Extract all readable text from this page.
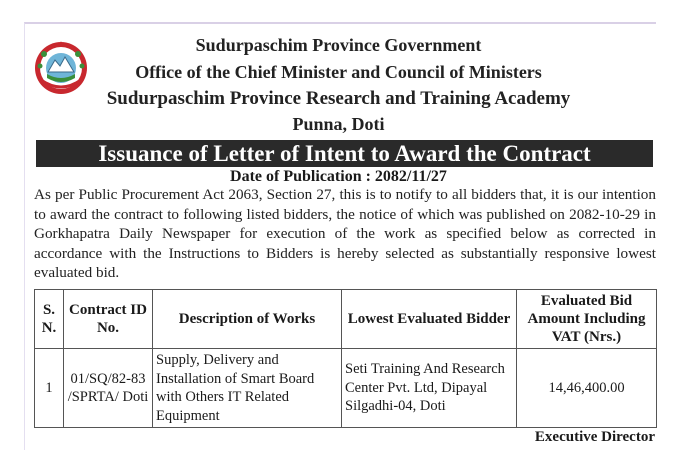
Sudurpaschim Province Government
Office of the Chief Minister and Council of Ministers
Sudurpaschim Province Research and Training Academy
Punna, Doti
Issuance of Letter of Intent to Award the Contract
Date of Publication : 2082/11/27
As per Public Procurement Act 2063, Section 27, this is to notify to all bidders that, it is our intention to award the contract to following listed bidders, the notice of which was published on 2082-10-29 in Gorkhapatra Daily Newspaper for execution of the work as specified below as corrected in accordance with the Instructions to Bidders is hereby selected as substantially responsive lowest evaluated bid.
S. N.	Contract ID No.	Description of Works	Lowest Evaluated Bidder	Evaluated Bid Amount Including VAT (Nrs.)
1	01/SQ/82-83 /SPRTA/ Doti	Supply, Delivery and Installation of Smart Board with Others IT Related Equipment	Seti Training And Research Center Pvt. Ltd, Dipayal Silgadhi-04, Doti	14,46,400.00
Executive Director
